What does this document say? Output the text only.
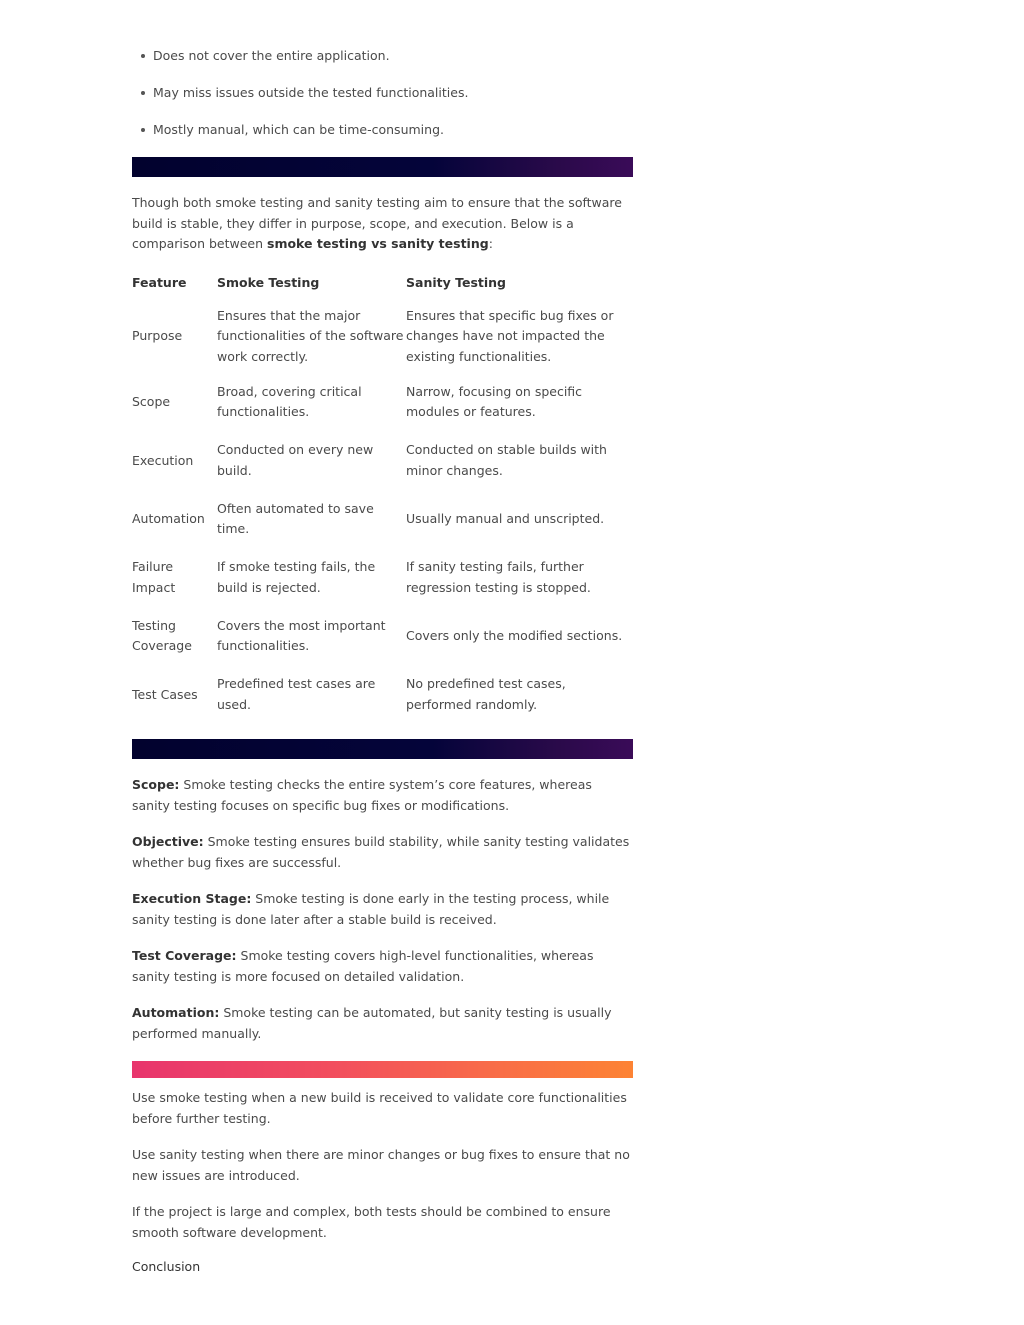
Does not cover the entire application.
May miss issues outside the tested functionalities.
Mostly manual, which can be time-consuming.

Though both smoke testing and sanity testing aim to ensure that the software build is stable, they differ in purpose, scope, and execution. Below is a comparison between smoke testing vs sanity testing:

Feature	Smoke Testing	Sanity Testing
Purpose	Ensures that the major functionalities of the software work correctly.	Ensures that specific bug fixes or changes have not impacted the existing functionalities.
Scope	Broad, covering critical functionalities.	Narrow, focusing on specific modules or features.
Execution	Conducted on every new build.	Conducted on stable builds with minor changes.
Automation	Often automated to save time.	Usually manual and unscripted.
Failure Impact	If smoke testing fails, the build is rejected.	If sanity testing fails, further regression testing is stopped.
Testing Coverage	Covers the most important functionalities.	Covers only the modified sections.
Test Cases	Predefined test cases are used.	No predefined test cases, performed randomly.

Scope: Smoke testing checks the entire system’s core features, whereas sanity testing focuses on specific bug fixes or modifications.

Objective: Smoke testing ensures build stability, while sanity testing validates whether bug fixes are successful.

Execution Stage: Smoke testing is done early in the testing process, while sanity testing is done later after a stable build is received.

Test Coverage: Smoke testing covers high-level functionalities, whereas sanity testing is more focused on detailed validation.

Automation: Smoke testing can be automated, but sanity testing is usually performed manually.

Use smoke testing when a new build is received to validate core functionalities before further testing.

Use sanity testing when there are minor changes or bug fixes to ensure that no new issues are introduced.

If the project is large and complex, both tests should be combined to ensure smooth software development.

Conclusion
